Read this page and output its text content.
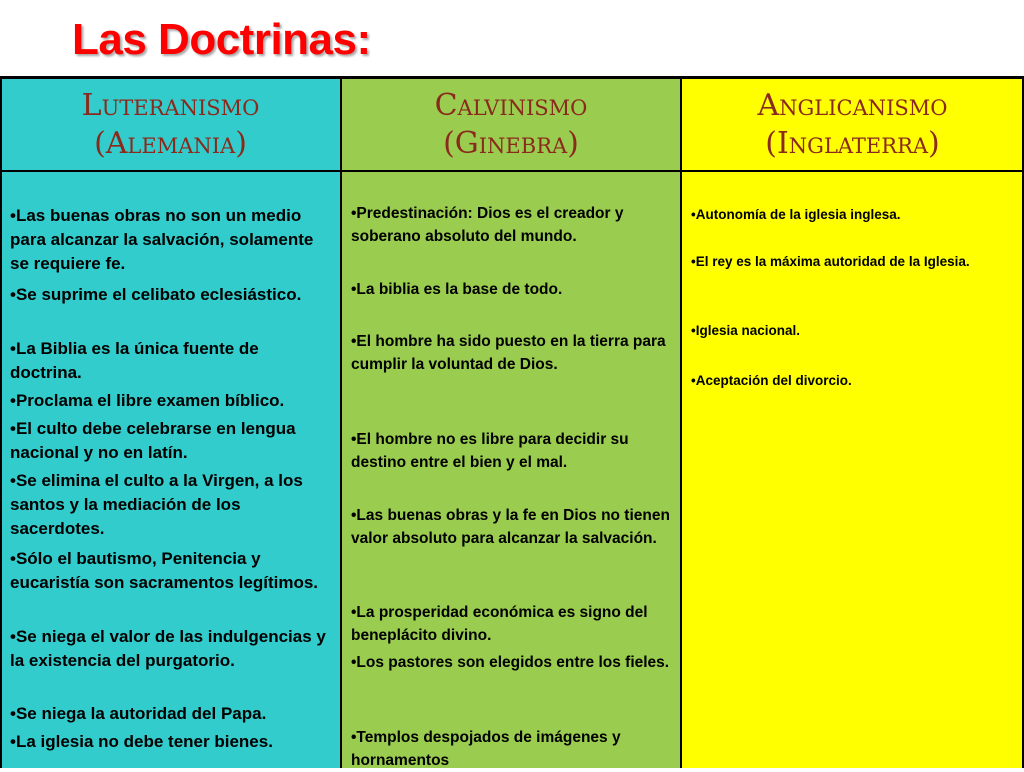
Las Doctrinas:
Luteranismo
(Alemania)

•Las buenas obras no son un medio para alcanzar la salvación, solamente se requiere fe.

•Se suprime el celibato eclesiástico.

•La Biblia es la única fuente de doctrina.

•Proclama el libre examen bíblico.

•El culto debe celebrarse en lengua nacional y no en latín.

•Se elimina el culto a la Virgen, a los santos y la mediación de los sacerdotes.

•Sólo el bautismo, Penitencia y eucaristía son sacramentos legítimos.

•Se niega el valor de las indulgencias y la existencia del purgatorio.

•Se niega la autoridad del Papa.

•La iglesia no debe tener bienes.

Calvinismo
(Ginebra)

•Predestinación: Dios es el creador y soberano absoluto del mundo.

•La biblia es la base de todo.

•El hombre ha sido puesto en la tierra para cumplir la voluntad de Dios.

•El hombre no es libre para decidir su destino entre el bien y el mal.

•Las buenas obras y la fe en Dios no tienen valor absoluto para alcanzar la salvación.

•La prosperidad económica es signo del beneplácito divino.

•Los pastores son elegidos entre los fieles.

•Templos despojados de imágenes y hornamentos

Anglicanismo
(Inglaterra)

•Autonomía de la iglesia inglesa.

•El rey es la máxima autoridad de la Iglesia.

•Iglesia nacional.

•Aceptación del divorcio.
